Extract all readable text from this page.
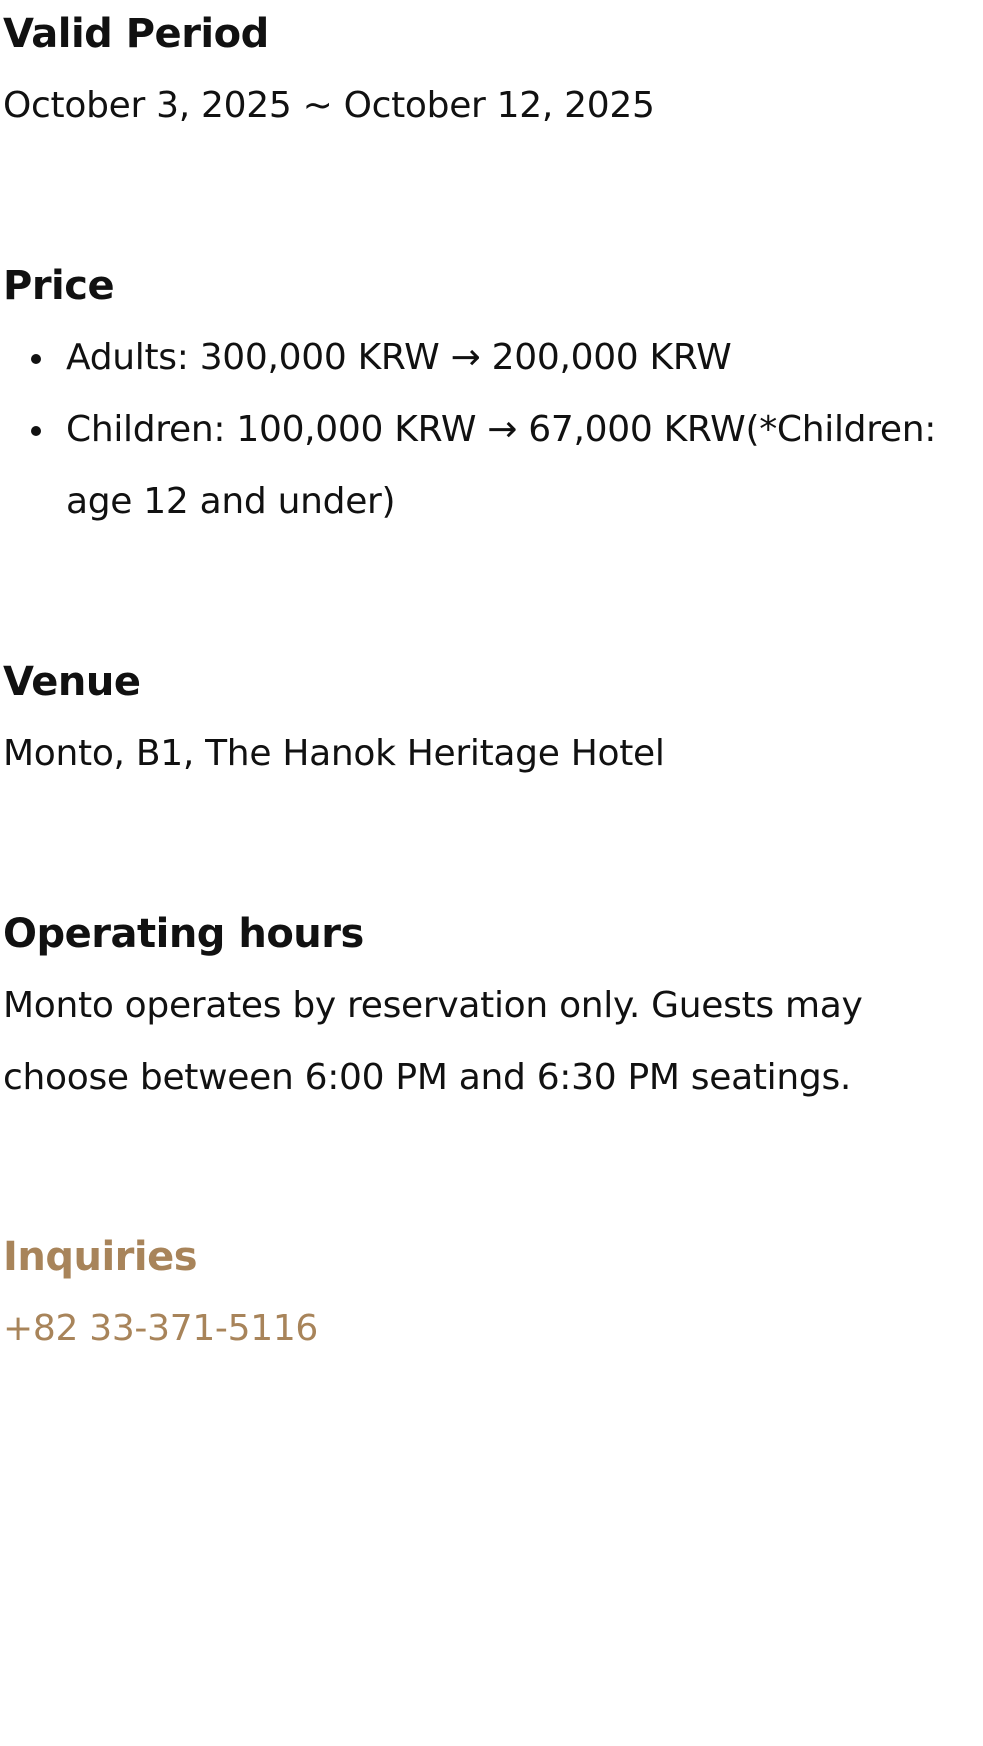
Valid Period

October 3, 2025 ~ October 12, 2025

Price
Adults: 300,000 KRW → 200,000 KRW
Children: 100,000 KRW → 67,000 KRW(*Children: age 12 and under)
Venue

Monto, B1, The Hanok Heritage Hotel

Operating hours

Monto operates by reservation only. Guests may choose between 6:00 PM and 6:30 PM seatings.

Inquiries
+82 33-371-5116
